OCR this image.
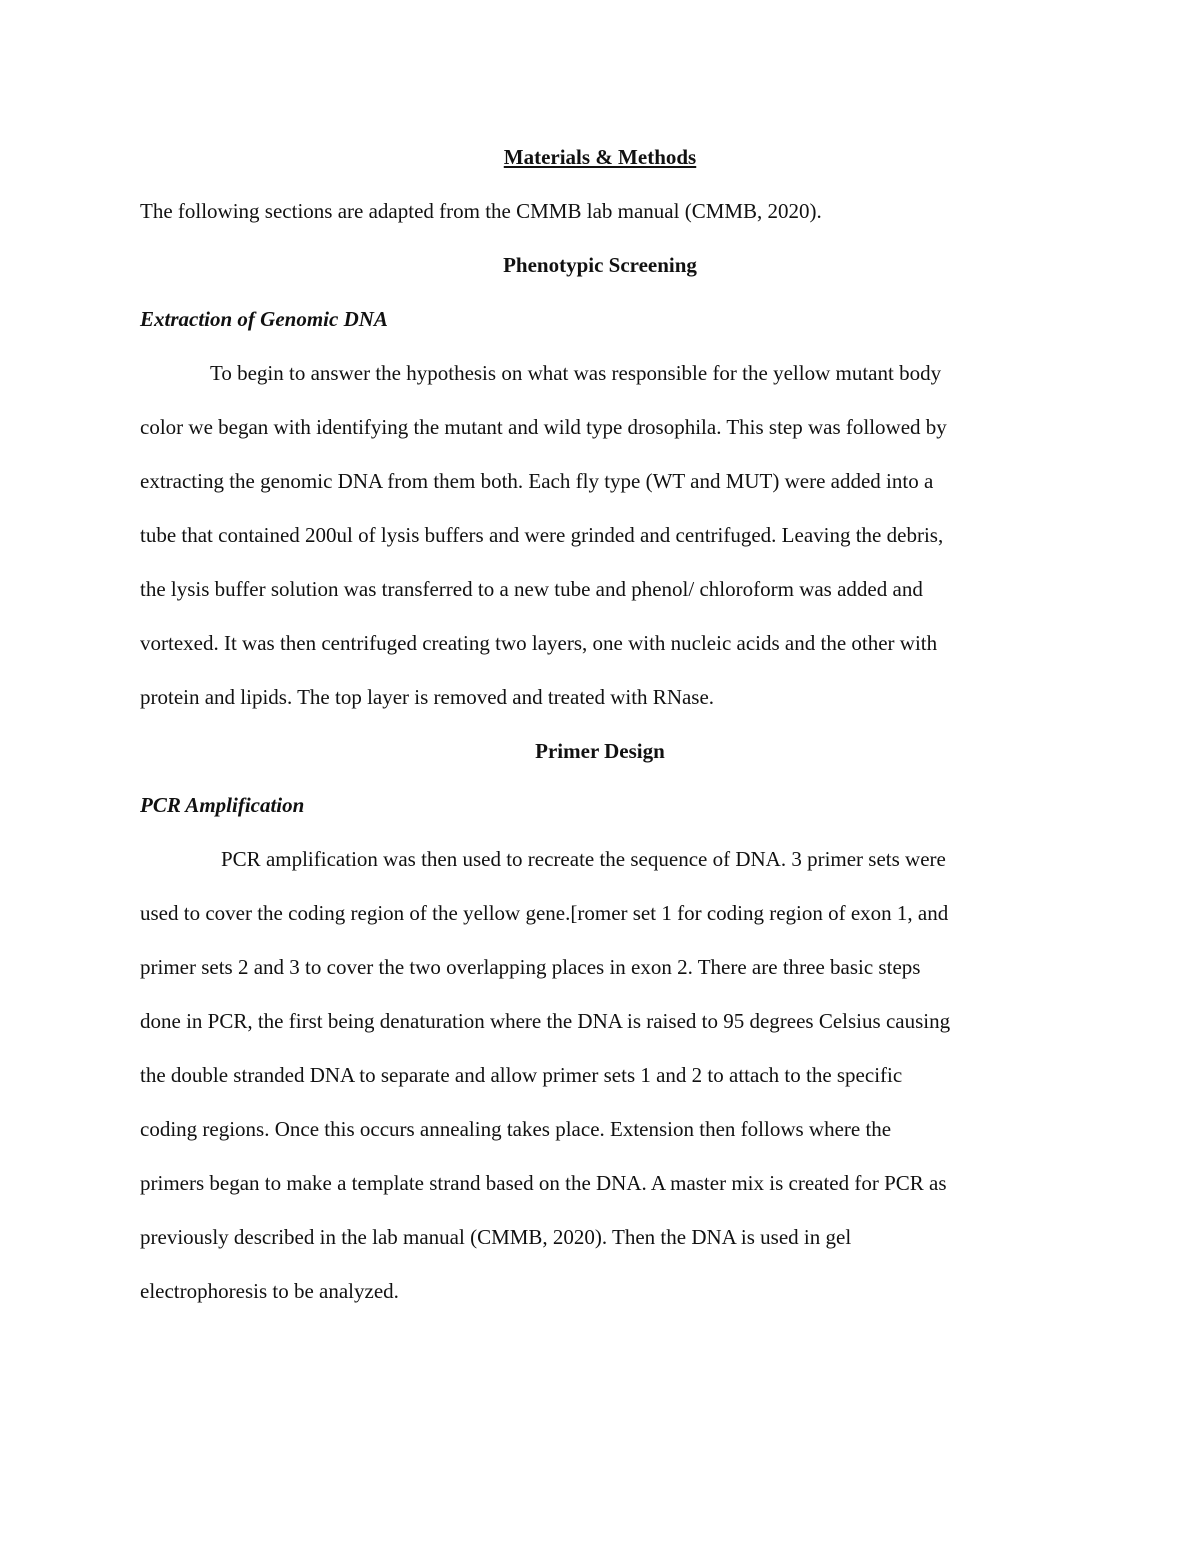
Materials & Methods
The following sections are adapted from the CMMB lab manual (CMMB, 2020).
Phenotypic Screening
Extraction of Genomic DNA
To begin to answer the hypothesis on what was responsible for the yellow mutant body
color we began with identifying the mutant and wild type drosophila. This step was followed by
extracting the genomic DNA from them both. Each fly type (WT and MUT) were added into a
tube that contained 200ul of lysis buffers and were grinded and centrifuged. Leaving the debris,
the lysis buffer solution was transferred to a new tube and phenol/ chloroform was added and
vortexed. It was then centrifuged creating two layers, one with nucleic acids and the other with
protein and lipids. The top layer is removed and treated with RNase.
Primer Design
PCR Amplification
PCR amplification was then used to recreate the sequence of DNA. 3 primer sets were
used to cover the coding region of the yellow gene.[romer set 1 for coding region of exon 1, and
primer sets 2 and 3 to cover the two overlapping places in exon 2. There are three basic steps
done in PCR, the first being denaturation where the DNA is raised to 95 degrees Celsius causing
the double stranded DNA to separate and allow primer sets 1 and 2 to attach to the specific
coding regions. Once this occurs annealing takes place. Extension then follows where the
primers began to make a template strand based on the DNA. A master mix is created for PCR as
previously described in the lab manual (CMMB, 2020). Then the DNA is used in gel
electrophoresis to be analyzed.
